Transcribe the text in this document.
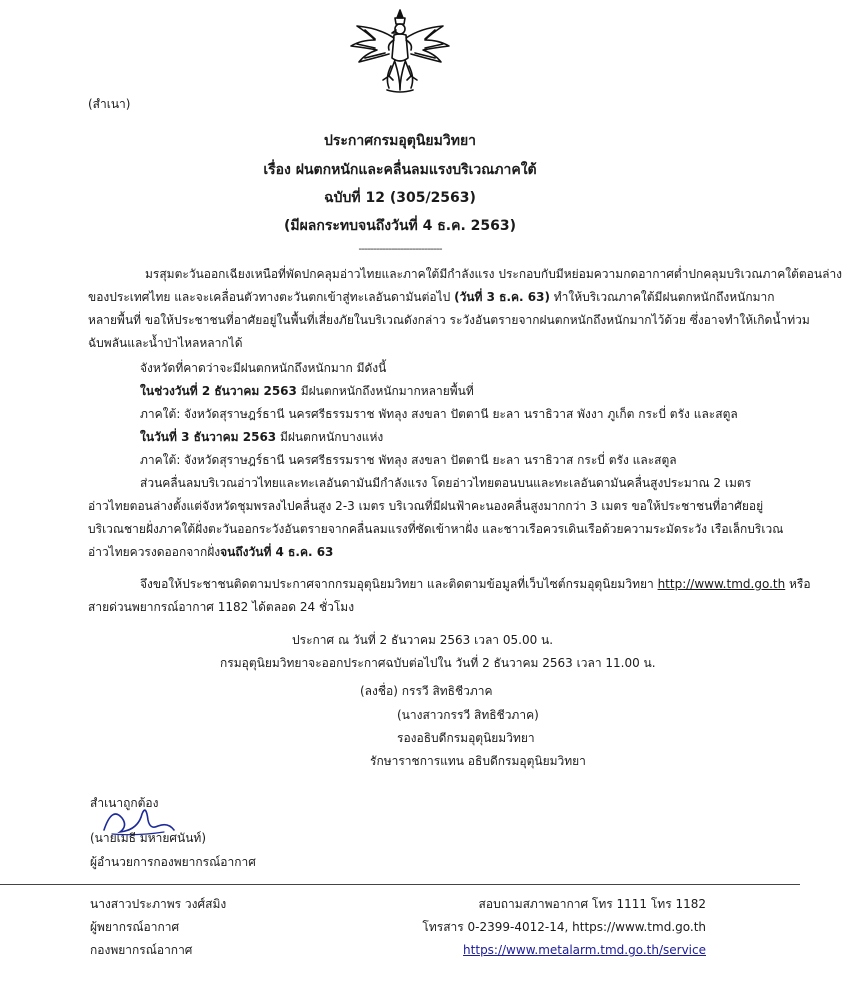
(สำเนา)
ประกาศกรมอุตุนิยมวิทยา
เรื่อง ฝนตกหนักและคลื่นลมแรงบริเวณภาคใต้
ฉบับที่ 12 (305/2563)
(มีผลกระทบจนถึงวันที่ 4 ธ.ค. 2563)
----------------------------
มรสุมตะวันออกเฉียงเหนือที่พัดปกคลุมอ่าวไทยและภาคใต้มีกำลังแรง ประกอบกับมีหย่อมความกดอากาศต่ำปกคลุมบริเวณภาคใต้ตอนล่าง
ของประเทศไทย และจะเคลื่อนตัวทางตะวันตกเข้าสู่ทะเลอันดามันต่อไป (วันที่ 3 ธ.ค. 63) ทำให้บริเวณภาคใต้มีฝนตกหนักถึงหนักมาก
หลายพื้นที่ ขอให้ประชาชนที่อาศัยอยู่ในพื้นที่เสี่ยงภัยในบริเวณดังกล่าว ระวังอันตรายจากฝนตกหนักถึงหนักมากไว้ด้วย ซึ่งอาจทำให้เกิดน้ำท่วม
ฉับพลันและน้ำป่าไหลหลากได้
จังหวัดที่คาดว่าจะมีฝนตกหนักถึงหนักมาก มีดังนี้
ในช่วงวันที่ 2 ธันวาคม 2563 มีฝนตกหนักถึงหนักมากหลายพื้นที่
ภาคใต้: จังหวัดสุราษฎร์ธานี นครศรีธรรมราช พัทลุง สงขลา ปัตตานี ยะลา นราธิวาส พังงา ภูเก็ต กระบี่ ตรัง และสตูล
ในวันที่ 3 ธันวาคม 2563 มีฝนตกหนักบางแห่ง
ภาคใต้: จังหวัดสุราษฎร์ธานี นครศรีธรรมราช พัทลุง สงขลา ปัตตานี ยะลา นราธิวาส กระบี่ ตรัง และสตูล
ส่วนคลื่นลมบริเวณอ่าวไทยและทะเลอันดามันมีกำลังแรง โดยอ่าวไทยตอนบนและทะเลอันดามันคลื่นสูงประมาณ 2 เมตร
อ่าวไทยตอนล่างตั้งแต่จังหวัดชุมพรลงไปคลื่นสูง 2-3 เมตร บริเวณที่มีฝนฟ้าคะนองคลื่นสูงมากกว่า 3 เมตร ขอให้ประชาชนที่อาศัยอยู่
บริเวณชายฝั่งภาคใต้ฝั่งตะวันออกระวังอันตรายจากคลื่นลมแรงที่ซัดเข้าหาฝั่ง และชาวเรือควรเดินเรือด้วยความระมัดระวัง เรือเล็กบริเวณ
อ่าวไทยควรงดออกจากฝั่งจนถึงวันที่ 4 ธ.ค. 63
จึงขอให้ประชาชนติดตามประกาศจากกรมอุตุนิยมวิทยา และติดตามข้อมูลที่เว็บไซต์กรมอุตุนิยมวิทยา http://www.tmd.go.th หรือ
สายด่วนพยากรณ์อากาศ 1182 ได้ตลอด 24 ชั่วโมง
ประกาศ ณ วันที่ 2 ธันวาคม 2563 เวลา 05.00 น.
กรมอุตุนิยมวิทยาจะออกประกาศฉบับต่อไปใน วันที่ 2 ธันวาคม 2563 เวลา 11.00 น.
(ลงชื่อ) กรรวี สิทธิชีวภาค
(นางสาวกรรวี สิทธิชีวภาค)
รองอธิบดีกรมอุตุนิยมวิทยา
รักษาราชการแทน อธิบดีกรมอุตุนิยมวิทยา
สำเนาถูกต้อง
(นายเมธี มหายศนันท์)
ผู้อำนวยการกองพยากรณ์อากาศ
นางสาวประภาพร วงศ์สมิง
ผู้พยากรณ์อากาศ
กองพยากรณ์อากาศ
สอบถามสภาพอากาศ โทร 1111 โทร 1182
โทรสาร 0-2399-4012-14, https://www.tmd.go.th
https://www.metalarm.tmd.go.th/service
